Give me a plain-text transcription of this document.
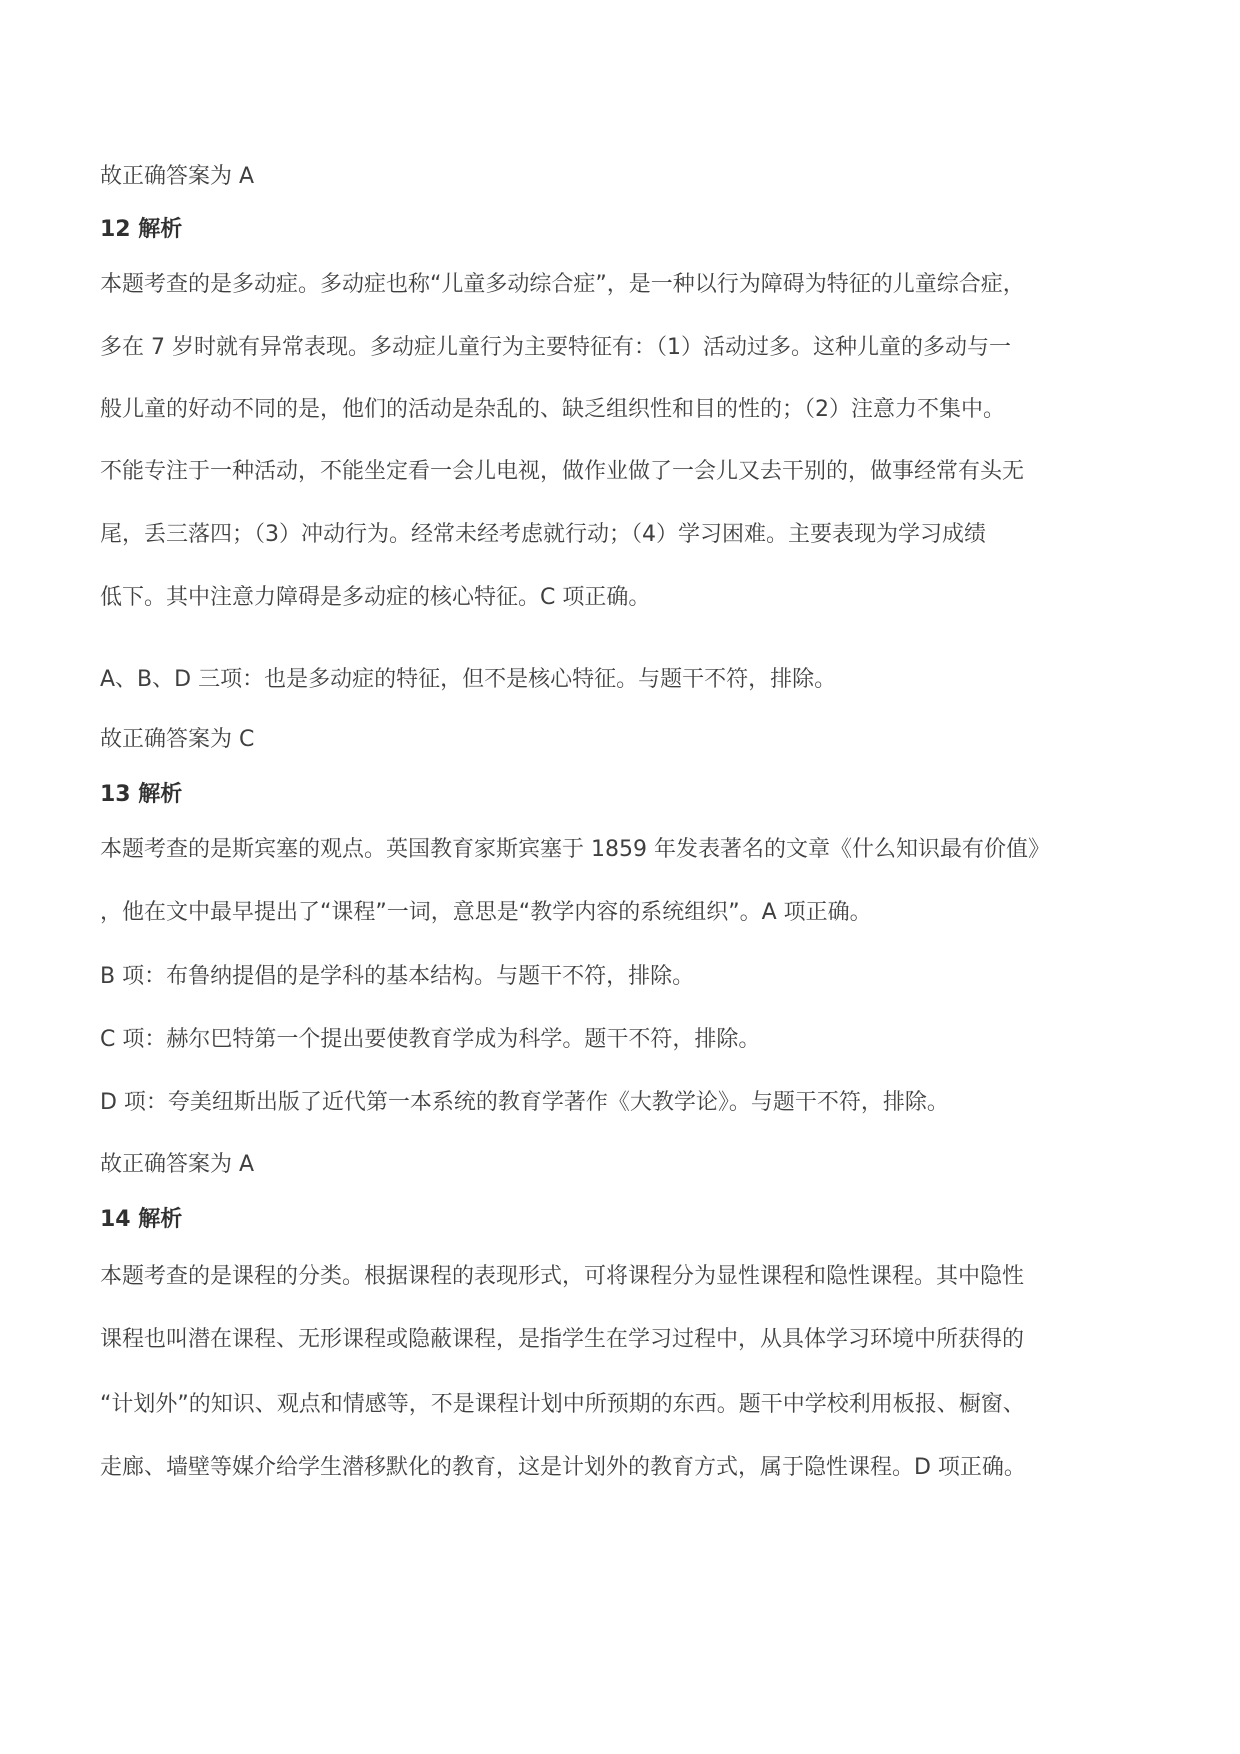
故正确答案为 A
12 解析
本题考查的是多动症。多动症也称“儿童多动综合症”，是一种以行为障碍为特征的儿童综合症，
多在 7 岁时就有异常表现。多动症儿童行为主要特征有：（1）活动过多。这种儿童的多动与一
般儿童的好动不同的是，他们的活动是杂乱的、缺乏组织性和目的性的；（2）注意力不集中。
不能专注于一种活动，不能坐定看一会儿电视，做作业做了一会儿又去干别的，做事经常有头无
尾，丢三落四；（3）冲动行为。经常未经考虑就行动；（4）学习困难。主要表现为学习成绩
低下。其中注意力障碍是多动症的核心特征。C 项正确。
A、B、D 三项：也是多动症的特征，但不是核心特征。与题干不符，排除。
故正确答案为 C
13 解析
本题考查的是斯宾塞的观点。英国教育家斯宾塞于 1859 年发表著名的文章《什么知识最有价值》
，他在文中最早提出了“课程”一词，意思是“教学内容的系统组织”。A 项正确。
B 项：布鲁纳提倡的是学科的基本结构。与题干不符，排除。
C 项：赫尔巴特第一个提出要使教育学成为科学。题干不符，排除。
D 项：夸美纽斯出版了近代第一本系统的教育学著作《大教学论》。与题干不符，排除。
故正确答案为 A
14 解析
本题考查的是课程的分类。根据课程的表现形式，可将课程分为显性课程和隐性课程。其中隐性
课程也叫潜在课程、无形课程或隐蔽课程，是指学生在学习过程中，从具体学习环境中所获得的
“计划外”的知识、观点和情感等，不是课程计划中所预期的东西。题干中学校利用板报、橱窗、
走廊、墙壁等媒介给学生潜移默化的教育，这是计划外的教育方式，属于隐性课程。D 项正确。
